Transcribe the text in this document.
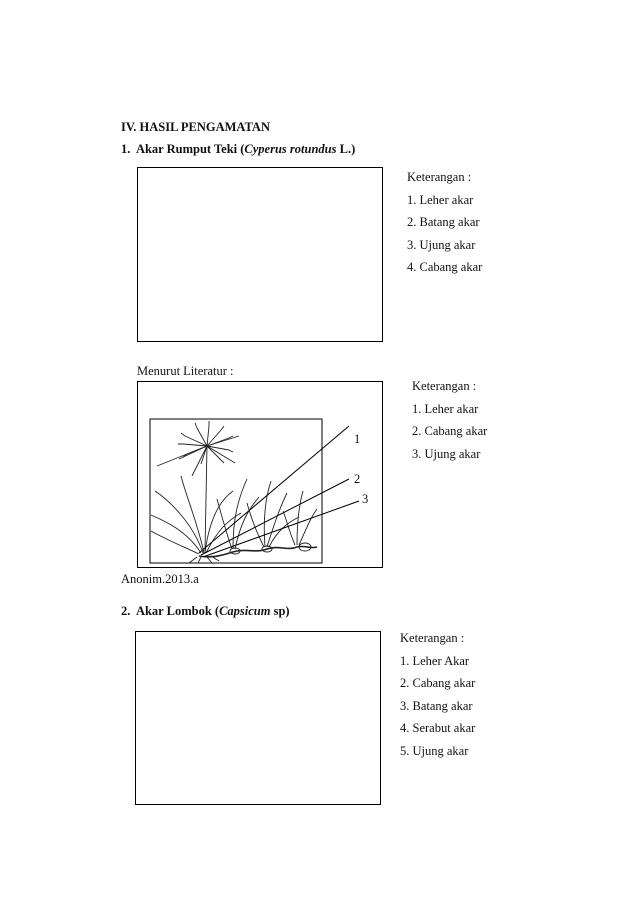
IV. HASIL PENGAMATAN
1. Akar Rumput Teki (Cyperus rotundus L.)
Keterangan :
1. Leher akar
2. Batang akar
3. Ujung akar
4. Cabang akar
Menurut Literatur :
1
2
3
Keterangan :
1. Leher akar
2. Cabang akar
3. Ujung akar
Anonim.2013.a
2. Akar Lombok (Capsicum sp)
Keterangan :
1. Leher Akar
2. Cabang akar
3. Batang akar
4. Serabut akar
5. Ujung akar
